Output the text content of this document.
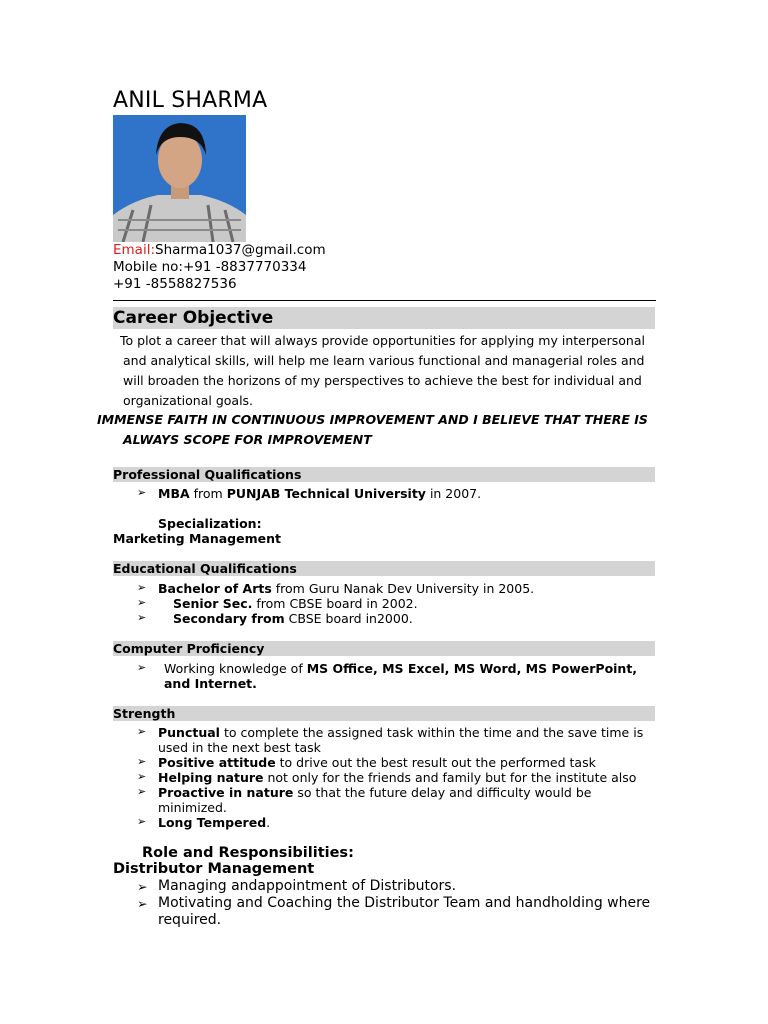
ANIL SHARMA
Email:Sharma1037@gmail.com
Mobile no:+91 -8837770334
+91 -8558827536
Career Objective
To plot a career that will always provide opportunities for applying my interpersonal
and analytical skills, will help me learn various functional and managerial roles and
will broaden the horizons of my perspectives to achieve the best for individual and
organizational goals.
IMMENSE FAITH IN CONTINUOUS IMPROVEMENT AND I BELIEVE THAT THERE IS
ALWAYS SCOPE FOR IMPROVEMENT
Professional Qualifications
➢ MBA from PUNJAB Technical University in 2007.
Specialization:
Marketing Management
Educational Qualifications
➢ Bachelor of Arts from Guru Nanak Dev University in 2005.
➢ Senior Sec. from CBSE board in 2002.
➢ Secondary from CBSE board in2000.
Computer Proficiency
➢ Working knowledge of MS Office, MS Excel, MS Word, MS PowerPoint,
and Internet.
Strength
➢ Punctual to complete the assigned task within the time and the save time is
used in the next best task
➢ Positive attitude to drive out the best result out the performed task
➢ Helping nature not only for the friends and family but for the institute also
➢ Proactive in nature so that the future delay and difficulty would be
minimized.
➢ Long Tempered.
Role and Responsibilities:
Distributor Management
➢ Managing andappointment of Distributors.
➢ Motivating and Coaching the Distributor Team and handholding where
required.
